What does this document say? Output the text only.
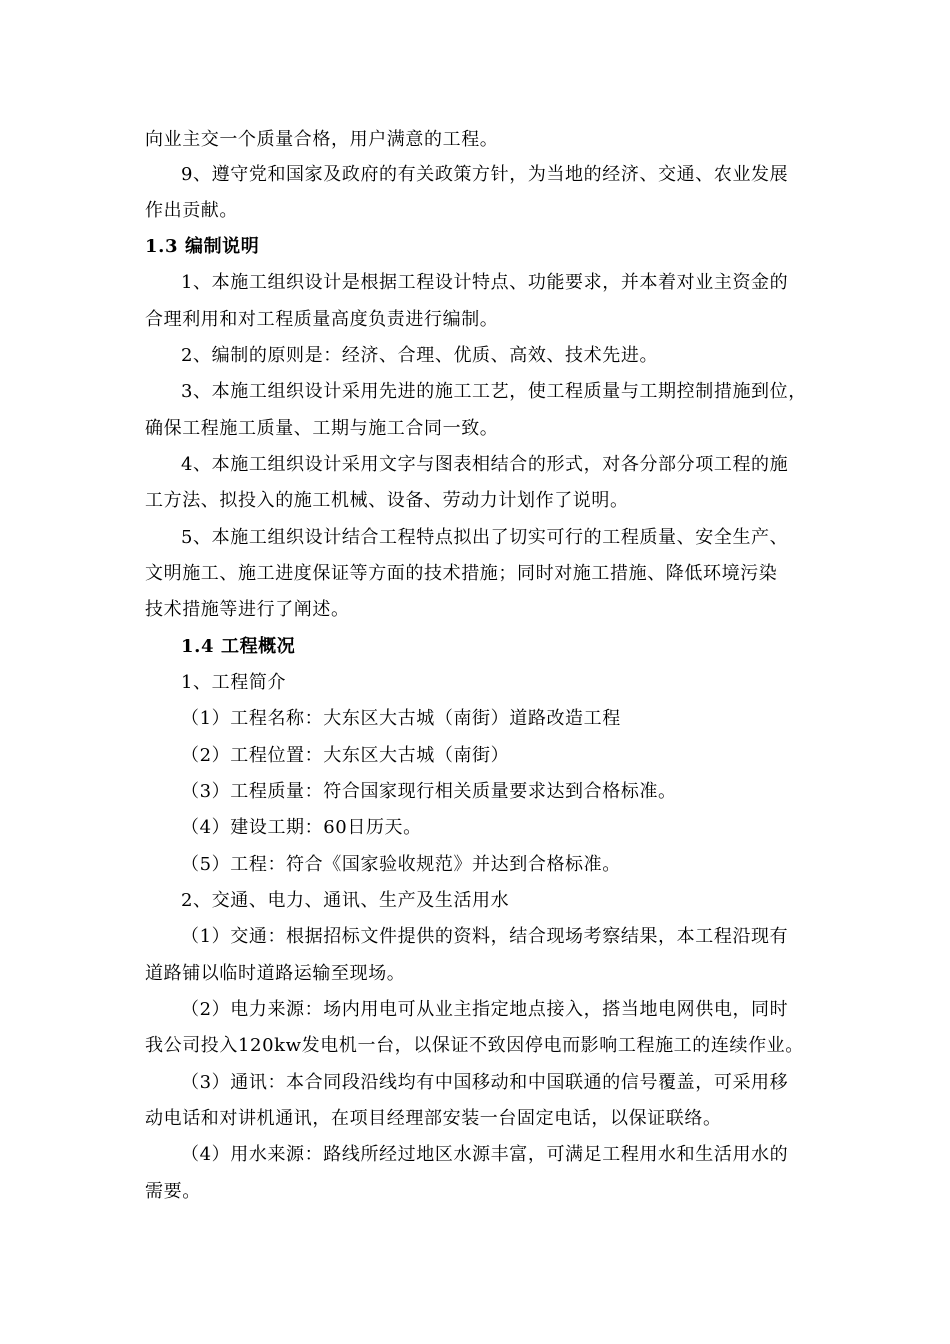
向业主交一个质量合格，用户满意的工程。
9、遵守党和国家及政府的有关政策方针，为当地的经济、交通、农业发展
作出贡献。
1.3 编制说明
1、本施工组织设计是根据工程设计特点、功能要求，并本着对业主资金的
合理利用和对工程质量高度负责进行编制。
2、编制的原则是：经济、合理、优质、高效、技术先进。
3、本施工组织设计采用先进的施工工艺，使工程质量与工期控制措施到位，
确保工程施工质量、工期与施工合同一致。
4、本施工组织设计采用文字与图表相结合的形式，对各分部分项工程的施
工方法、拟投入的施工机械、设备、劳动力计划作了说明。
5、本施工组织设计结合工程特点拟出了切实可行的工程质量、安全生产、
文明施工、施工进度保证等方面的技术措施；同时对施工措施、降低环境污染
技术措施等进行了阐述。
1.4 工程概况
1、工程简介
（1）工程名称：大东区大古城（南街）道路改造工程
（2）工程位置：大东区大古城（南街）
（3）工程质量：符合国家现行相关质量要求达到合格标准。
（4）建设工期：60日历天。
（5）工程：符合《国家验收规范》并达到合格标准。
2、交通、电力、通讯、生产及生活用水
（1）交通：根据招标文件提供的资料，结合现场考察结果，本工程沿现有
道路铺以临时道路运输至现场。
（2）电力来源：场内用电可从业主指定地点接入，搭当地电网供电，同时
我公司投入120kw发电机一台，以保证不致因停电而影响工程施工的连续作业。
（3）通讯：本合同段沿线均有中国移动和中国联通的信号覆盖，可采用移
动电话和对讲机通讯，在项目经理部安装一台固定电话，以保证联络。
（4）用水来源：路线所经过地区水源丰富，可满足工程用水和生活用水的
需要。
